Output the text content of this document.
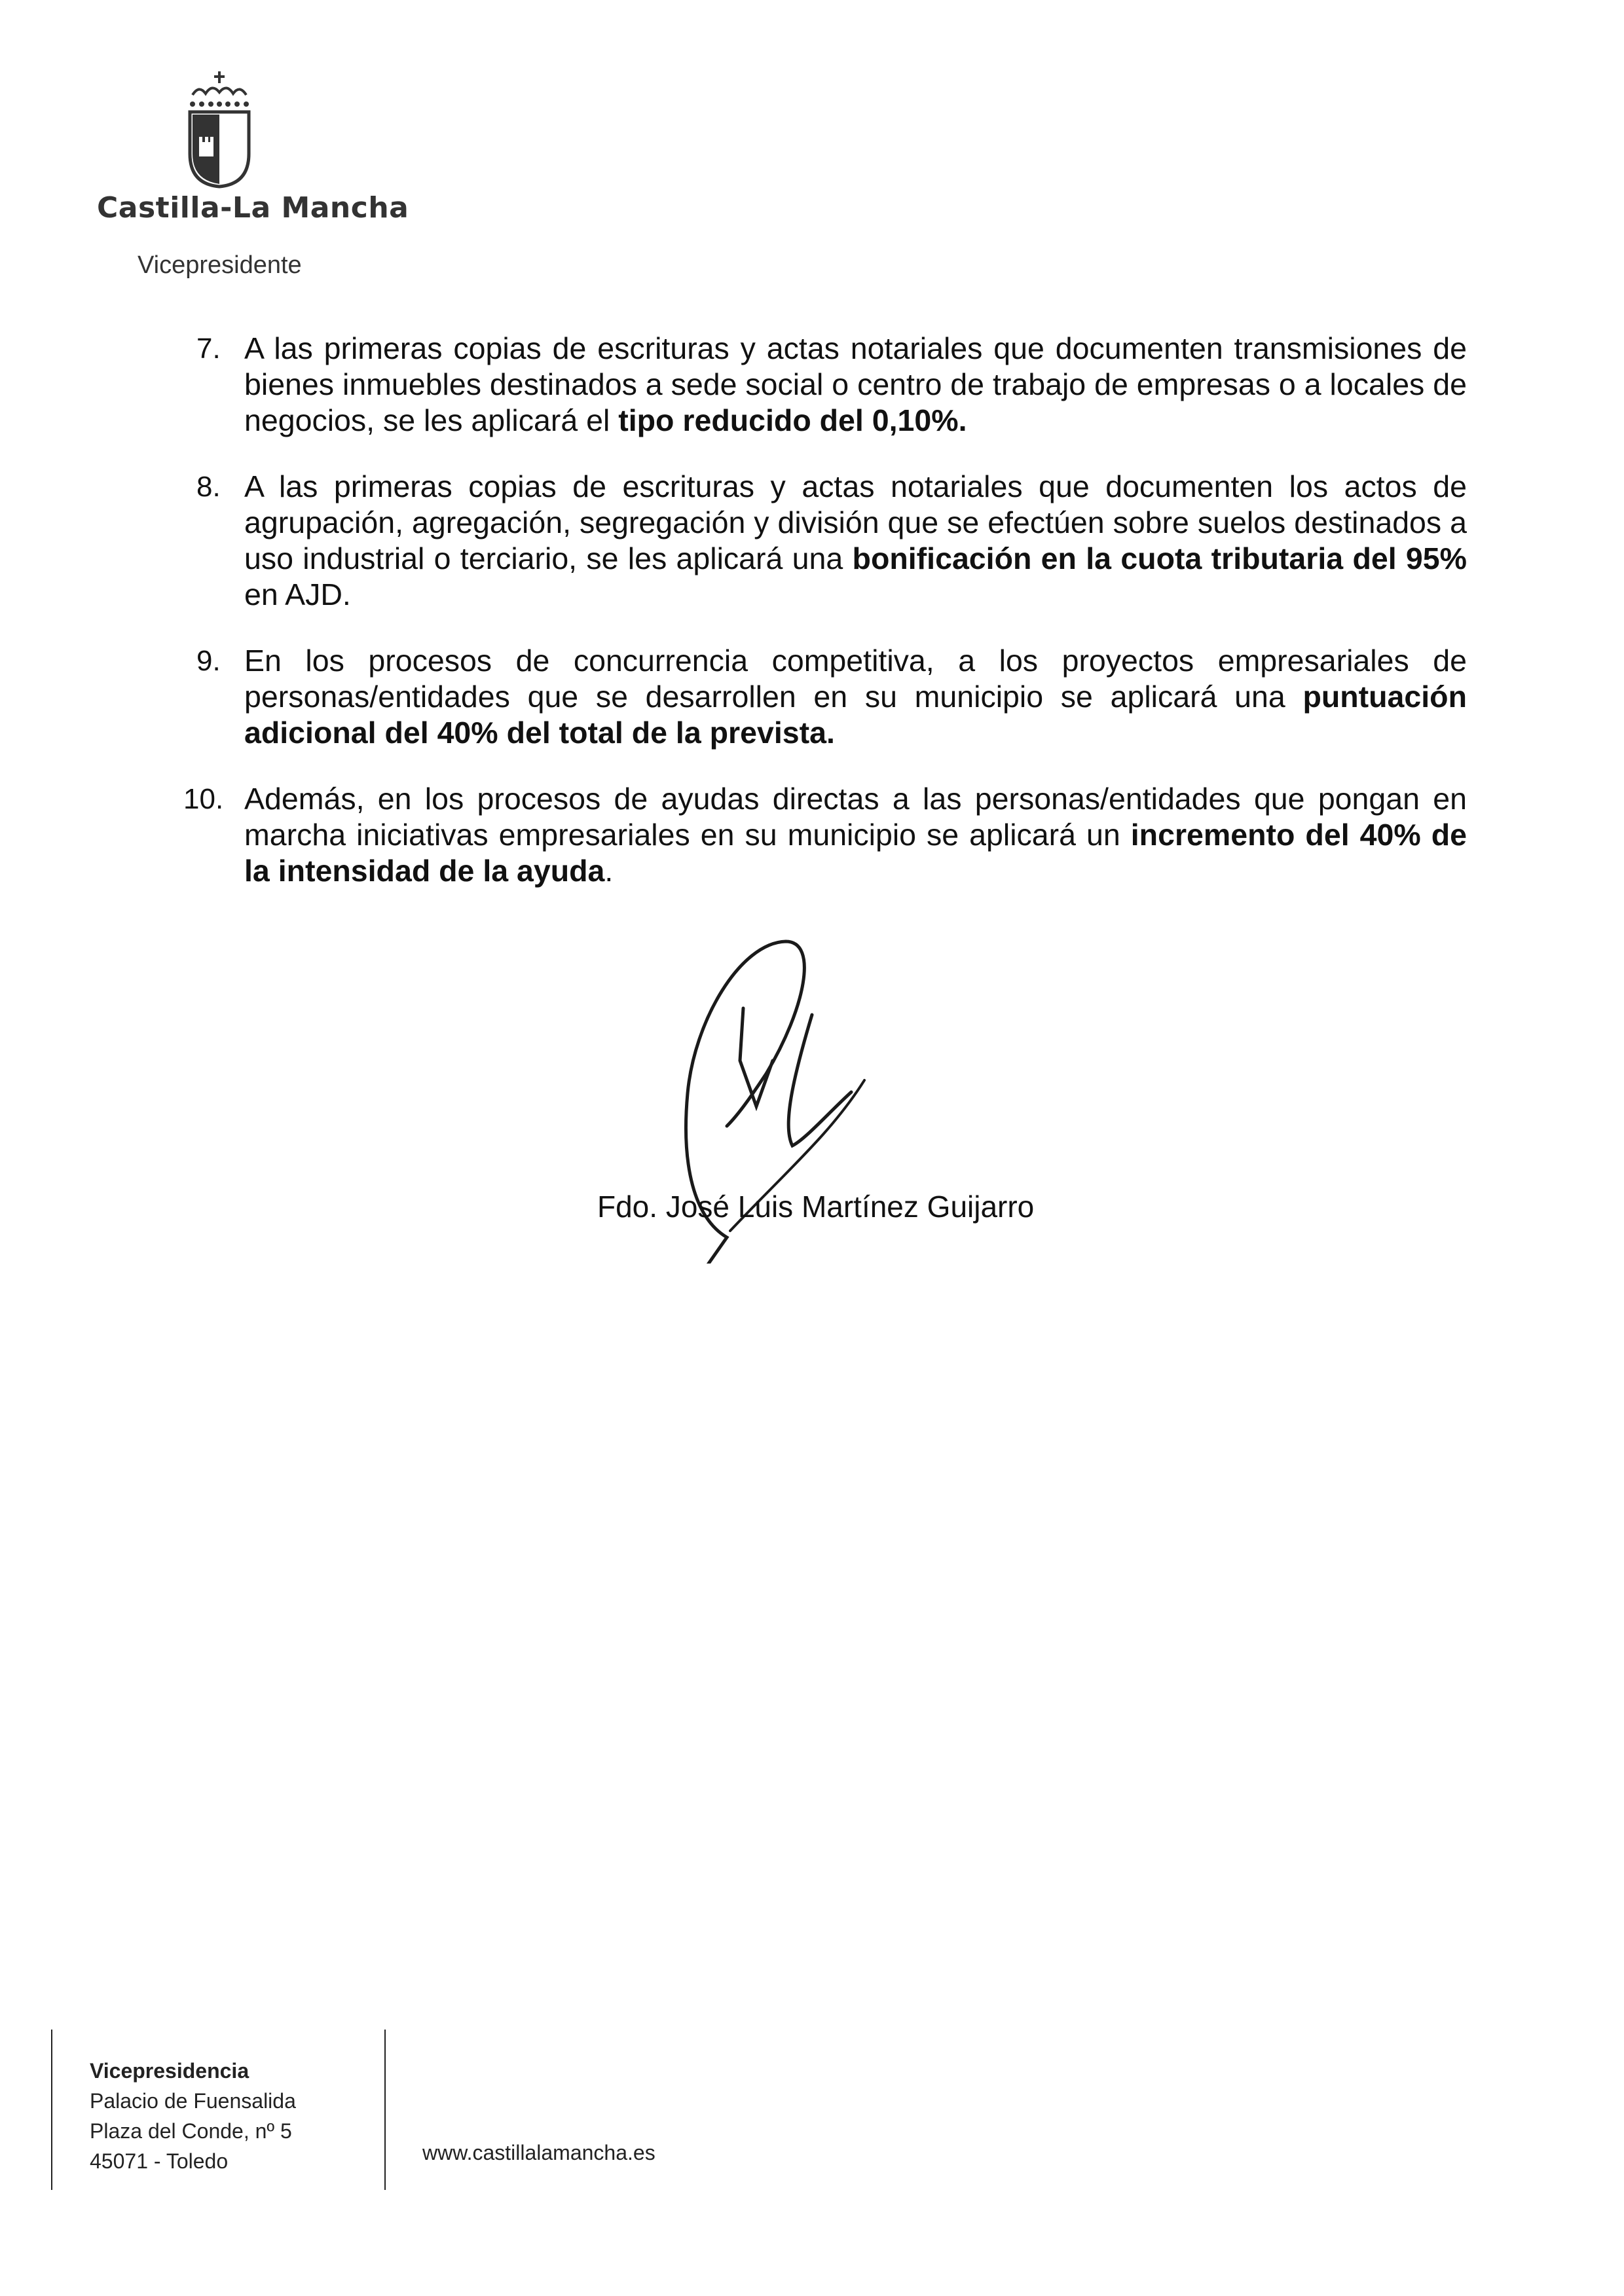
Castilla-La Mancha
Vicepresidente
7. A las primeras copias de escrituras y actas notariales que documenten transmisiones de bienes inmuebles destinados a sede social o centro de trabajo de empresas o a locales de negocios, se les aplicará el tipo reducido del 0,10%.
8. A las primeras copias de escrituras y actas notariales que documenten los actos de agrupación, agregación, segregación y división que se efectúen sobre suelos destinados a uso industrial o terciario, se les aplicará una bonificación en la cuota tributaria del 95% en AJD.
9. En los procesos de concurrencia competitiva, a los proyectos empresariales de personas/entidades que se desarrollen en su municipio se aplicará una puntuación adicional del 40% del total de la prevista.
10. Además, en los procesos de ayudas directas a las personas/entidades que pongan en marcha iniciativas empresariales en su municipio se aplicará un incremento del 40% de la intensidad de la ayuda.
Fdo. José Luis Martínez Guijarro
Vicepresidencia
Palacio de Fuensalida
Plaza del Conde, nº 5
45071 - Toledo	www.castillalamancha.es
